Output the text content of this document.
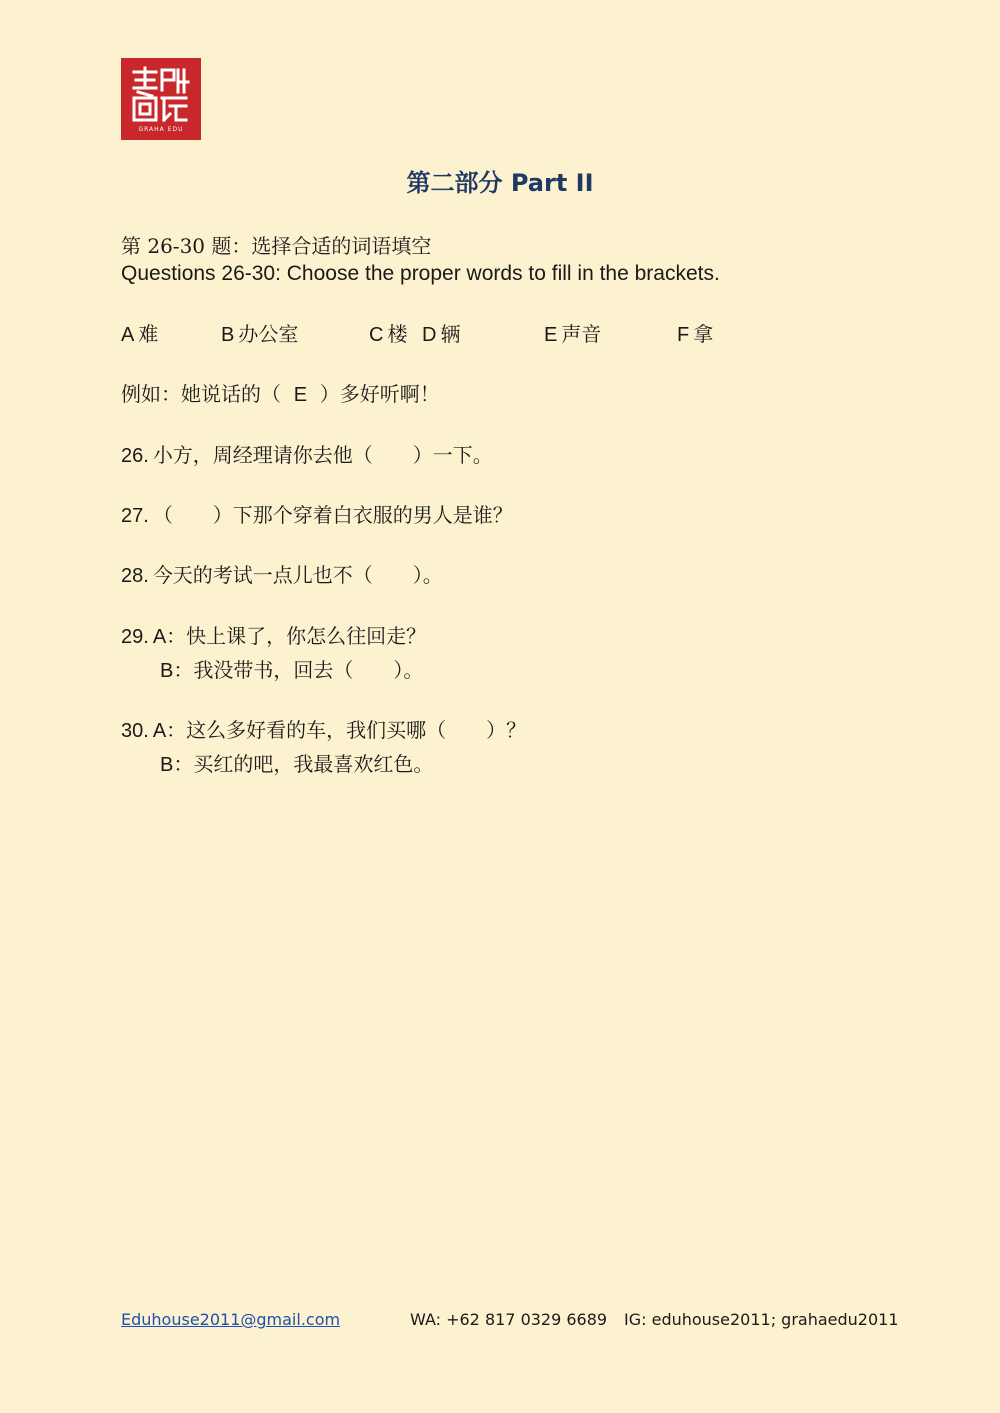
GRAHA EDU
第二部分 Part II
第 26-30 题：选择合适的词语填空
Questions 26-30: Choose the proper words to fill in the brackets.
A 难	B 办公室	C 楼 D 辆	E 声音	F 拿
例如：她说话的（ E ）多好听啊！
26. 小方，周经理请你去他（　　）一下。
27. （　　）下那个穿着白衣服的男人是谁？
28. 今天的考试一点儿也不（　　）。
29. A：快上课了，你怎么往回走？
B：我没带书，回去（　　）。
30. A：这么多好看的车，我们买哪（　　）？
B：买红的吧，我最喜欢红色。
Eduhouse2011@gmail.com	WA: +62 817 0329 6689 IG: eduhouse2011; grahaedu2011
